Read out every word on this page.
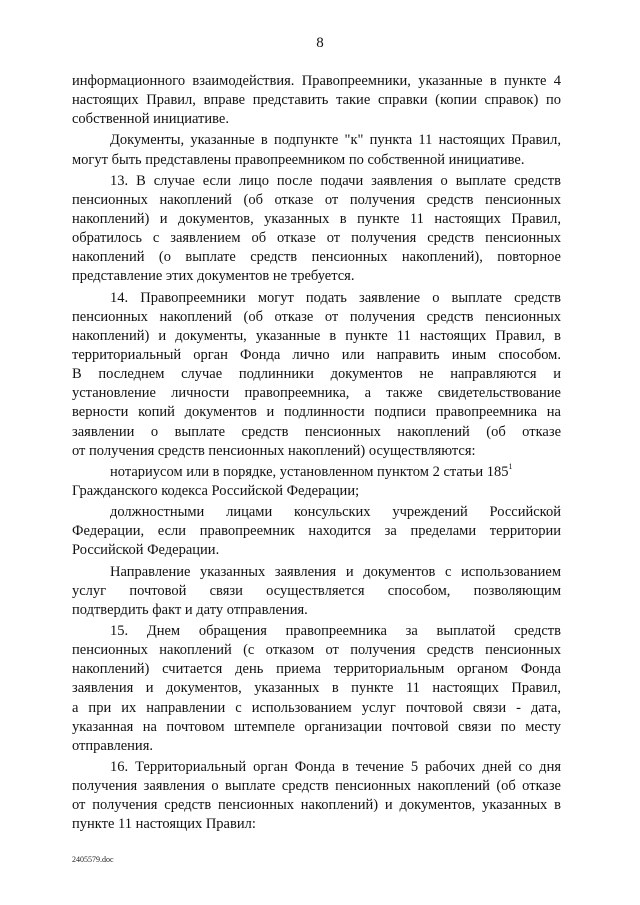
8
информационного взаимодействия. Правопреемники, указанные в пункте 4
настоящих Правил, вправе представить такие справки (копии справок) по
собственной инициативе.
Документы, указанные в подпункте "к" пункта 11 настоящих Правил,
могут быть представлены правопреемником по собственной инициативе.
13. В случае если лицо после подачи заявления о выплате средств
пенсионных накоплений (об отказе от получения средств пенсионных
накоплений) и документов, указанных в пункте 11 настоящих Правил,
обратилось с заявлением об отказе от получения средств пенсионных
накоплений (о выплате средств пенсионных накоплений), повторное
представление этих документов не требуется.
14. Правопреемники могут подать заявление о выплате средств
пенсионных накоплений (об отказе от получения средств пенсионных
накоплений) и документы, указанные в пункте 11 настоящих Правил, в
территориальный орган Фонда лично или направить иным способом.
В последнем случае подлинники документов не направляются и
установление личности правопреемника, а также свидетельствование
верности копий документов и подлинности подписи правопреемника на
заявлении о выплате средств пенсионных накоплений (об отказе
от получения средств пенсионных накоплений) осуществляются:
нотариусом или в порядке, установленном пунктом 2 статьи $185^1$
Гражданского кодекса Российской Федерации;
должностными лицами консульских учреждений Российской
Федерации, если правопреемник находится за пределами территории
Российской Федерации.
Направление указанных заявления и документов с использованием
услуг почтовой связи осуществляется способом, позволяющим
подтвердить факт и дату отправления.
15. Днем обращения правопреемника за выплатой средств
пенсионных накоплений (с отказом от получения средств пенсионных
накоплений) считается день приема территориальным органом Фонда
заявления и документов, указанных в пункте 11 настоящих Правил,
а при их направлении с использованием услуг почтовой связи - дата,
указанная на почтовом штемпеле организации почтовой связи по месту
отправления.
16. Территориальный орган Фонда в течение 5 рабочих дней со дня
получения заявления о выплате средств пенсионных накоплений (об отказе
от получения средств пенсионных накоплений) и документов, указанных в
пункте 11 настоящих Правил:
2405579.doc
